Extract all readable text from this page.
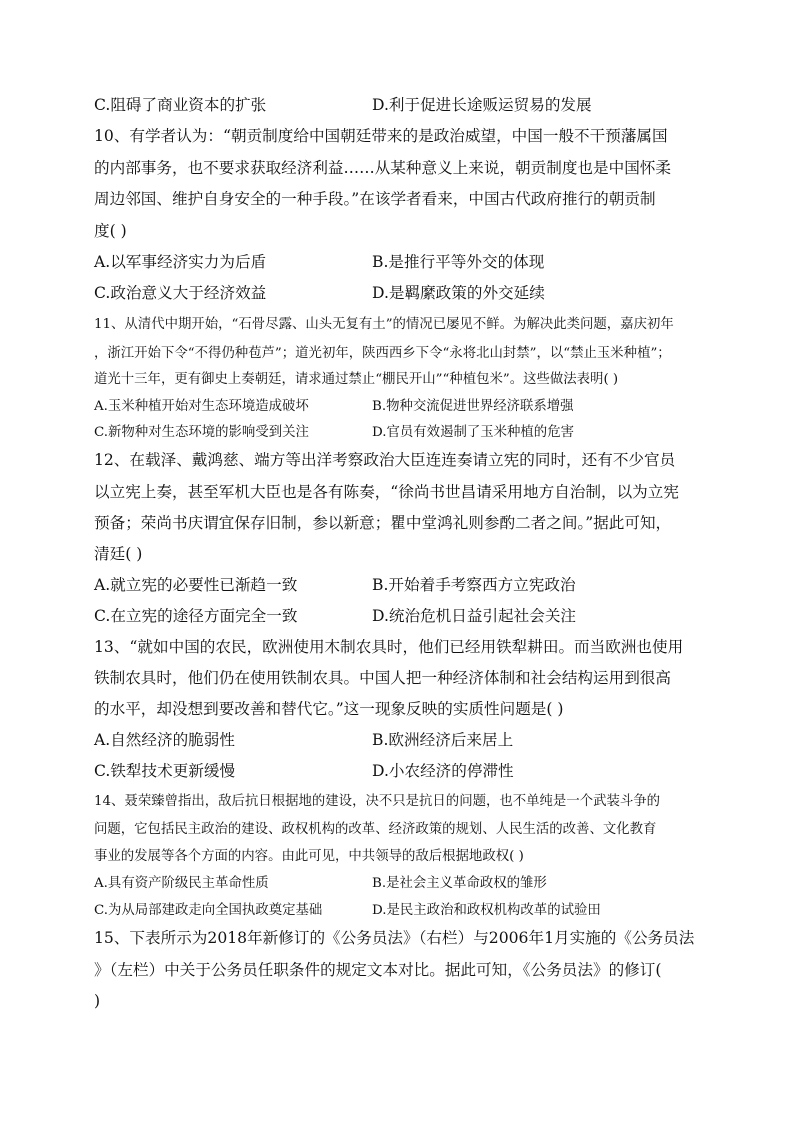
C.阻碍了商业资本的扩张	D.利于促进长途贩运贸易的发展
10、有学者认为：“朝贡制度给中国朝廷带来的是政治威望，中国一般不干预藩属国
的内部事务，也不要求获取经济利益……从某种意义上来说，朝贡制度也是中国怀柔
周边邻国、维护自身安全的一种手段。”在该学者看来，中国古代政府推行的朝贡制
度( )
A.以军事经济实力为后盾	B.是推行平等外交的体现
C.政治意义大于经济效益	D.是羁縻政策的外交延续
11、从清代中期开始，“石骨尽露、山头无复有土”的情况已屡见不鲜。为解决此类问题，嘉庆初年
，浙江开始下令“不得仍种苞芦”；道光初年，陕西西乡下令“永将北山封禁”，以“禁止玉米种植”；
道光十三年，更有御史上奏朝廷，请求通过禁止“棚民开山”“种植包米”。这些做法表明( )
A.玉米种植开始对生态环境造成破坏	B.物种交流促进世界经济联系增强
C.新物种对生态环境的影响受到关注	D.官员有效遏制了玉米种植的危害
12、在载泽、戴鸿慈、端方等出洋考察政治大臣连连奏请立宪的同时，还有不少官员
以立宪上奏，甚至军机大臣也是各有陈奏，“徐尚书世昌请采用地方自治制，以为立宪
预备；荣尚书庆谓宜保存旧制，参以新意；瞿中堂鸿礼则参酌二者之间。”据此可知，
清廷( )
A.就立宪的必要性已渐趋一致	B.开始着手考察西方立宪政治
C.在立宪的途径方面完全一致	D.统治危机日益引起社会关注
13、“就如中国的农民，欧洲使用木制农具时，他们已经用铁犁耕田。而当欧洲也使用
铁制农具时，他们仍在使用铁制农具。中国人把一种经济体制和社会结构运用到很高
的水平，却没想到要改善和替代它。”这一现象反映的实质性问题是( )
A.自然经济的脆弱性	B.欧洲经济后来居上
C.铁犁技术更新缓慢	D.小农经济的停滞性
14、聂荣臻曾指出，敌后抗日根据地的建设，决不只是抗日的问题，也不单纯是一个武装斗争的
问题，它包括民主政治的建设、政权机构的改革、经济政策的规划、人民生活的改善、文化教育
事业的发展等各个方面的内容。由此可见，中共领导的敌后根据地政权( )
A.具有资产阶级民主革命性质	B.是社会主义革命政权的雏形
C.为从局部建政走向全国执政奠定基础	D.是民主政治和政权机构改革的试验田
15、下表所示为2018年新修订的《公务员法》（右栏）与2006年1月实施的《公务员法
》（左栏）中关于公务员任职条件的规定文本对比。据此可知，《公务员法》的修订(
)
